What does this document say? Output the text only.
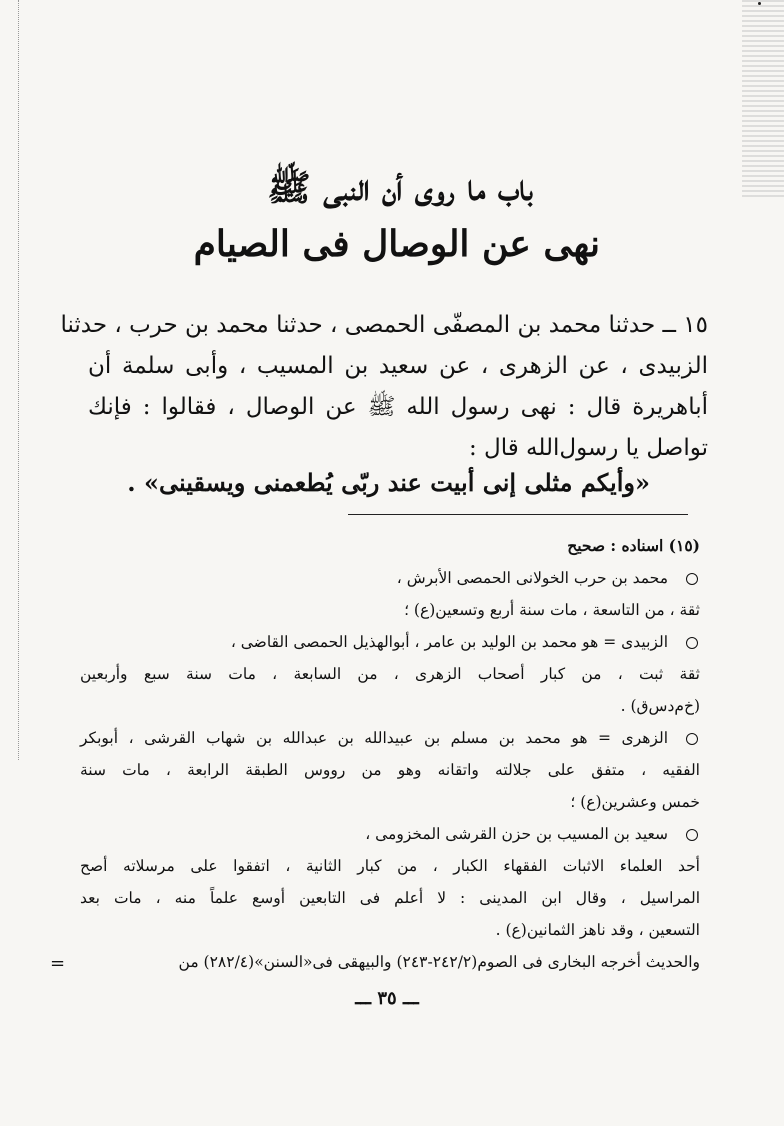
باب ما روى أن النبى ﷺ
نهى عن الوصال فى الصيام
١٥ ــ حدثنا محمد بن المصفّى الحمصى ، حدثنا محمد بن حرب ، حدثنا
الزبيدى ، عن الزهرى ، عن سعيد بن المسيب ، وأبى سلمة أن
أباهريرة قال : نهى رسول الله ﷺ عن الوصال ، فقالوا : فإنك
تواصل يا رسول‌الله قال :
«وأيكم مثلى إنى أبيت عند ربّى يُطعمنى ويسقينى» .
(١٥) اسناده : صحيح
محمد بن حرب الخولانى الحمصى الأبرش ،
ثقة ، من التاسعة ، مات سنة أربع وتسعين(ع) ؛
الزبيدى = هو محمد بن الوليد بن عامر ، أبوالهذيل الحمصى القاضى ،
ثقة ثبت ، من كبار أصحاب الزهرى ، من السابعة ، مات سنة سبع وأربعين
(خ‌م‌دس‌ق) .
الزهرى = هو محمد بن مسلم بن عبيدالله بن عبدالله بن شهاب القرشى ، أبوبكر
الفقيه ، متفق على جلالته واتقانه وهو من رووس الطبقة الرابعة ، مات سنة
خمس وعشرين(ع) ؛
سعيد بن المسيب بن حزن القرشى المخزومى ،
أحد العلماء الاثبات الفقهاء الكبار ، من كبار الثانية ، اتفقوا على مرسلاته أصح
المراسيل ، وقال ابن المدينى : لا أعلم فى التابعين أوسع علماً منه ، مات بعد
التسعين ، وقد ناهز الثمانين(ع) .
والحديث أخرجه البخارى فى الصوم(٢٤٢/٢-٢٤٣) والبيهقى فى«السنن»(٢٨٢/٤) من
=
ـــ ٣٥ ـــ
